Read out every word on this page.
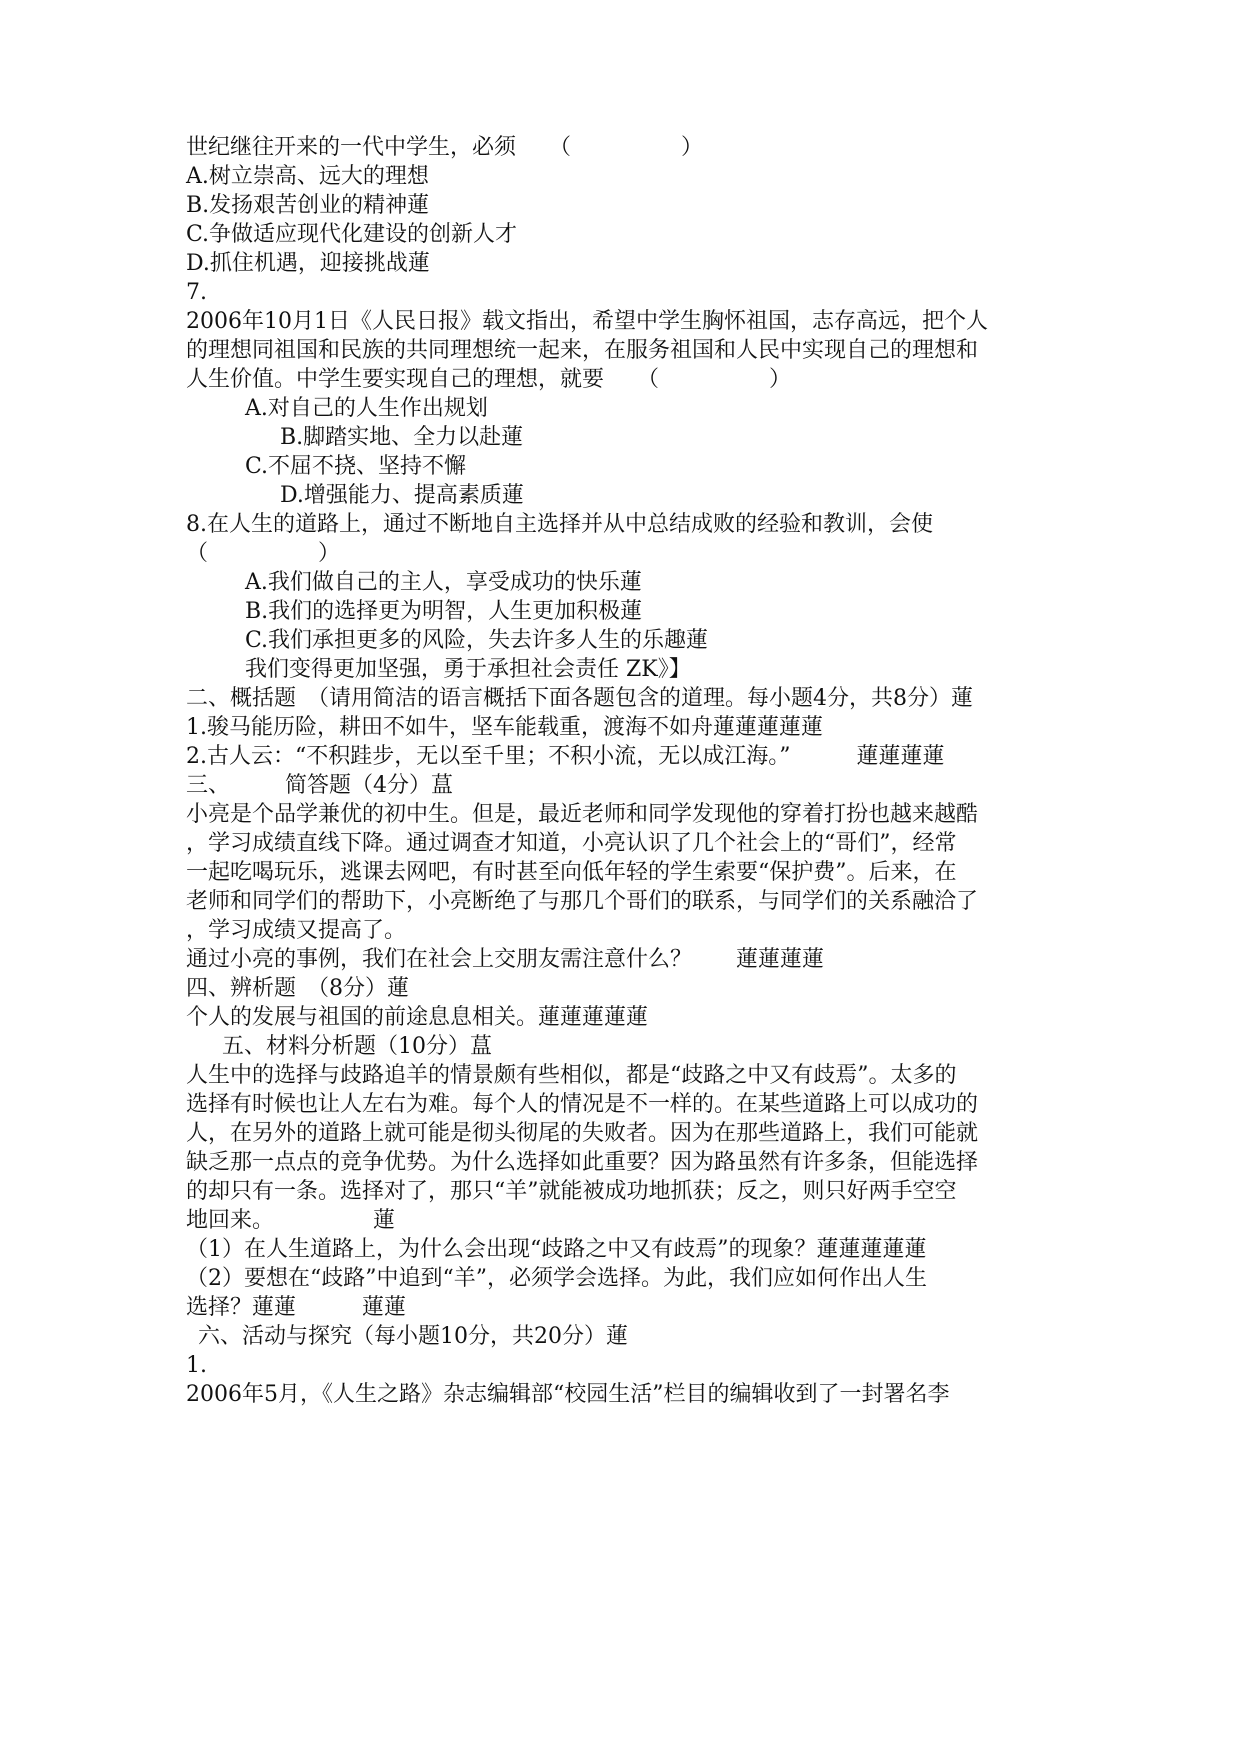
世纪继往开来的一代中学生，必须　　（　　　　　）
A.树立崇高、远大的理想
B.发扬艰苦创业的精神蓮
C.争做适应现代化建设的创新人才
D.抓住机遇，迎接挑战蓮
7.
2006年10月1日《人民日报》载文指出，希望中学生胸怀祖国，志存高远，把个人
的理想同祖国和民族的共同理想统一起来，在服务祖国和人民中实现自己的理想和
人生价值。中学生要实现自己的理想，就要　　（　　　　　）
A.对自己的人生作出规划
B.脚踏实地、全力以赴蓮
C.不屈不挠、坚持不懈
D.增强能力、提高素质蓮
8.在人生的道路上，通过不断地自主选择并从中总结成败的经验和教训，会使
（　　　　　）
A.我们做自己的主人，享受成功的快乐蓮
B.我们的选择更为明智，人生更加积极蓮
C.我们承担更多的风险，失去许多人生的乐趣蓮
我们变得更加坚强，勇于承担社会责任 ZK》】
二、概括题　（请用简洁的语言概括下面各题包含的道理。每小题4分，共8分）蓮
1.骏马能历险，耕田不如牛，坚车能载重，渡海不如舟蓮蓮蓮蓮蓮
2.古人云：“不积跬步，无以至千里；不积小流，无以成江海。”　　　蓮蓮蓮蓮
三、　　　简答题（4分）蒀
小亮是个品学兼优的初中生。但是，最近老师和同学发现他的穿着打扮也越来越酷
，学习成绩直线下降。通过调查才知道，小亮认识了几个社会上的“哥们”，经常
一起吃喝玩乐，逃课去网吧，有时甚至向低年轻的学生索要“保护费”。后来，在
老师和同学们的帮助下，小亮断绝了与那几个哥们的联系，与同学们的关系融洽了
，学习成绩又提高了。
通过小亮的事例，我们在社会上交朋友需注意什么？　　蓮蓮蓮蓮
四、辨析题　（8分）蓮
个人的发展与祖国的前途息息相关。蓮蓮蓮蓮蓮
五、材料分析题（10分）蒀
人生中的选择与歧路追羊的情景颇有些相似，都是“歧路之中又有歧焉”。太多的
选择有时候也让人左右为难。每个人的情况是不一样的。在某些道路上可以成功的
人，在另外的道路上就可能是彻头彻尾的失败者。因为在那些道路上，我们可能就
缺乏那一点点的竞争优势。为什么选择如此重要？因为路虽然有许多条，但能选择
的却只有一条。选择对了，那只“羊”就能被成功地抓获；反之，则只好两手空空
地回来。　　　　　蓮
（1）在人生道路上，为什么会出现“歧路之中又有歧焉”的现象？蓮蓮蓮蓮蓮
（2）要想在“歧路”中追到“羊”，必须学会选择。为此，我们应如何作出人生
选择？蓮蓮　　　蓮蓮
六、活动与探究（每小题10分，共20分）蓮
1.
2006年5月，《人生之路》杂志编辑部“校园生活”栏目的编辑收到了一封署名李
